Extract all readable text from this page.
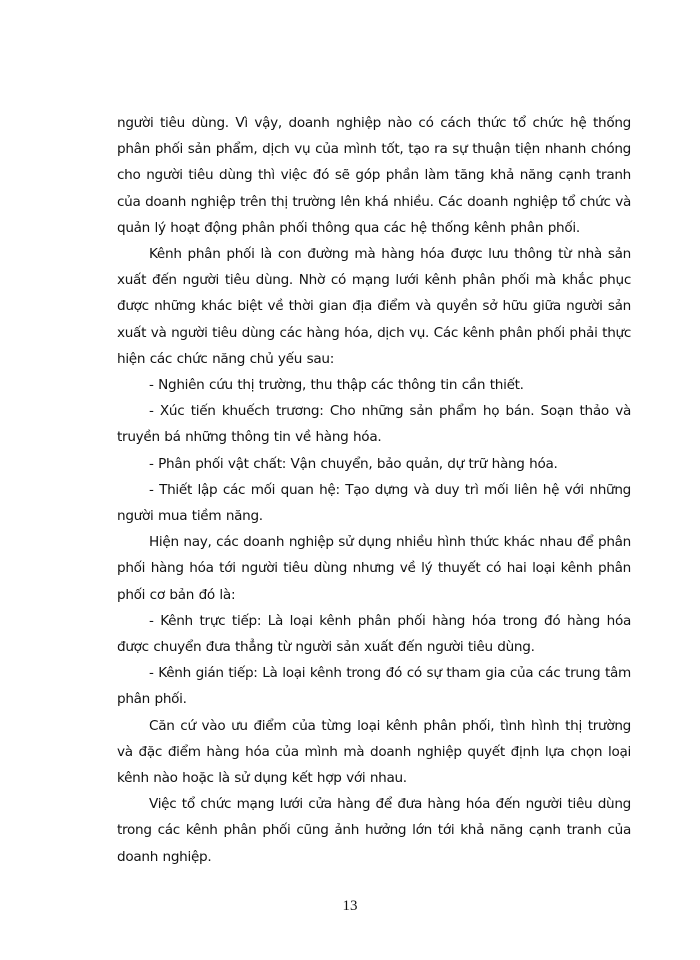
người tiêu dùng. Vì vậy, doanh nghiệp nào có cách thức tổ chức hệ thống phân phối sản phẩm, dịch vụ của mình tốt, tạo ra sự thuận tiện nhanh chóng cho người tiêu dùng thì việc đó sẽ góp phần làm tăng khả năng cạnh tranh của doanh nghiệp trên thị trường lên khá nhiều. Các doanh nghiệp tổ chức và quản lý hoạt động phân phối thông qua các hệ thống kênh phân phối.

Kênh phân phối là con đường mà hàng hóa được lưu thông từ nhà sản xuất đến người tiêu dùng. Nhờ có mạng lưới kênh phân phối mà khắc phục được những khác biệt về thời gian địa điểm và quyền sở hữu giữa người sản xuất và người tiêu dùng các hàng hóa, dịch vụ. Các kênh phân phối phải thực hiện các chức năng chủ yếu sau:

- Nghiên cứu thị trường, thu thập các thông tin cần thiết.

- Xúc tiến khuếch trương: Cho những sản phẩm họ bán. Soạn thảo và truyền bá những thông tin về hàng hóa.

- Phân phối vật chất: Vận chuyển, bảo quản, dự trữ hàng hóa.

- Thiết lập các mối quan hệ: Tạo dựng và duy trì mối liên hệ với những người mua tiềm năng.

Hiện nay, các doanh nghiệp sử dụng nhiều hình thức khác nhau để phân phối hàng hóa tới người tiêu dùng nhưng về lý thuyết có hai loại kênh phân phối cơ bản đó là:

- Kênh trực tiếp: Là loại kênh phân phối hàng hóa trong đó hàng hóa được chuyển đưa thẳng từ người sản xuất đến người tiêu dùng.

- Kênh gián tiếp: Là loại kênh trong đó có sự tham gia của các trung tâm phân phối.

Căn cứ vào ưu điểm của từng loại kênh phân phối, tình hình thị trường và đặc điểm hàng hóa của mình mà doanh nghiệp quyết định lựa chọn loại kênh nào hoặc là sử dụng kết hợp với nhau.

Việc tổ chức mạng lưới cửa hàng để đưa hàng hóa đến người tiêu dùng trong các kênh phân phối cũng ảnh hưởng lớn tới khả năng cạnh tranh của doanh nghiệp.

13
